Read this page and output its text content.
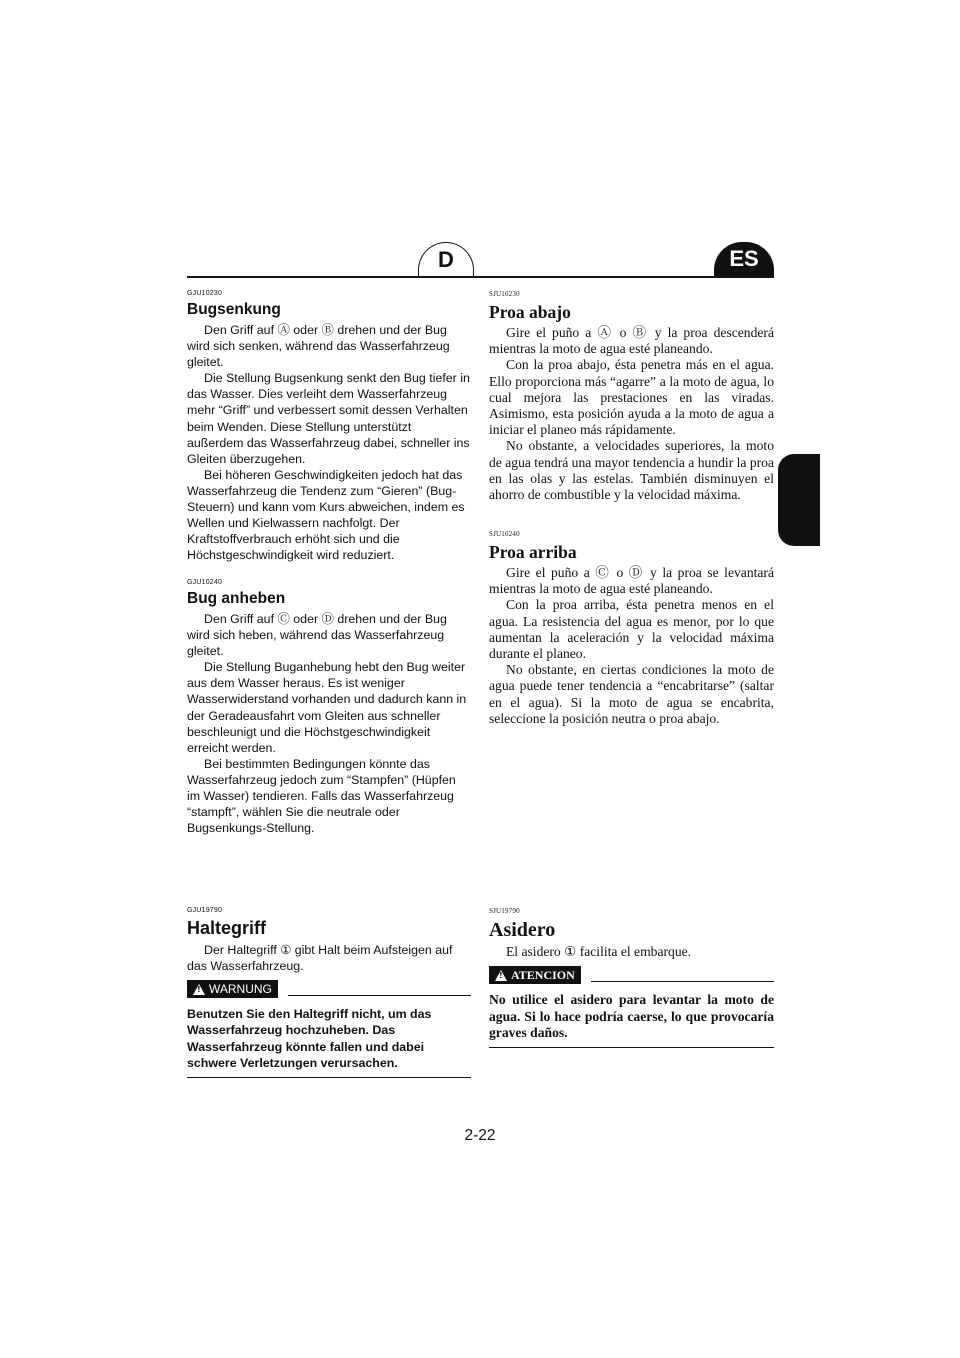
D	ES
GJU10230
Bugsenkung

Den Griff auf Ⓐ oder Ⓑ drehen und der Bug wird sich senken, während das Wasserfahrzeug gleitet.

Die Stellung Bugsenkung senkt den Bug tiefer in das Wasser. Dies verleiht dem Wasserfahrzeug mehr “Griff” und verbessert somit dessen Verhalten beim Wenden. Diese Stellung unterstützt außerdem das Wasserfahrzeug dabei, schneller ins Gleiten überzugehen.

Bei höheren Geschwindigkeiten jedoch hat das Wasserfahrzeug die Tendenz zum “Gieren” (Bug-Steuern) und kann vom Kurs abweichen, indem es Wellen und Kielwassern nachfolgt. Der Kraftstoffverbrauch erhöht sich und die Höchstgeschwindigkeit wird reduziert.

GJU10240
Bug anheben

Den Griff auf Ⓒ oder Ⓓ drehen und der Bug wird sich heben, während das Wasserfahrzeug gleitet.

Die Stellung Buganhebung hebt den Bug weiter aus dem Wasser heraus. Es ist weniger Wasserwiderstand vorhanden und dadurch kann in der Geradeausfahrt vom Gleiten aus schneller beschleunigt und die Höchstgeschwindigkeit erreicht werden.

Bei bestimmten Bedingungen könnte das Wasserfahrzeug jedoch zum “Stampfen” (Hüpfen im Wasser) tendieren. Falls das Wasserfahrzeug “stampft”, wählen Sie die neutrale oder Bugsenkungs-Stellung.

GJU19790
Haltegriff

Der Haltegriff ① gibt Halt beim Aufsteigen auf das Wasserfahrzeug.

!
WARNUNG
Benutzen Sie den Haltegriff nicht, um das Wasserfahrzeug hochzuheben. Das Wasserfahrzeug könnte fallen und dabei schwere Verletzungen verursachen.
SJU10230
Proa abajo

Gire el puño a Ⓐ o Ⓑ y la proa descenderá mientras la moto de agua esté planeando.

Con la proa abajo, ésta penetra más en el agua. Ello proporciona más “agarre” a la moto de agua, lo cual mejora las prestaciones en las viradas. Asimismo, esta posición ayuda a la moto de agua a iniciar el planeo más rápidamente.

No obstante, a velocidades superiores, la moto de agua tendrá una mayor tendencia a hundir la proa en las olas y las estelas. También disminuyen el ahorro de combustible y la velocidad máxima.

SJU10240
Proa arriba

Gire el puño a Ⓒ o Ⓓ y la proa se levantará mientras la moto de agua esté planeando.

Con la proa arriba, ésta penetra menos en el agua. La resistencia del agua es menor, por lo que aumentan la aceleración y la velocidad máxima durante el planeo.

No obstante, en ciertas condiciones la moto de agua puede tener tendencia a “encabritarse” (saltar en el agua). Si la moto de agua se encabrita, seleccione la posición neutra o proa abajo.

SJU19790
Asidero

El asidero ① facilita el embarque.

!
ATENCION
No utilice el asidero para levantar la moto de agua. Si lo hace podría caerse, lo que provocaría graves daños.
2-22
